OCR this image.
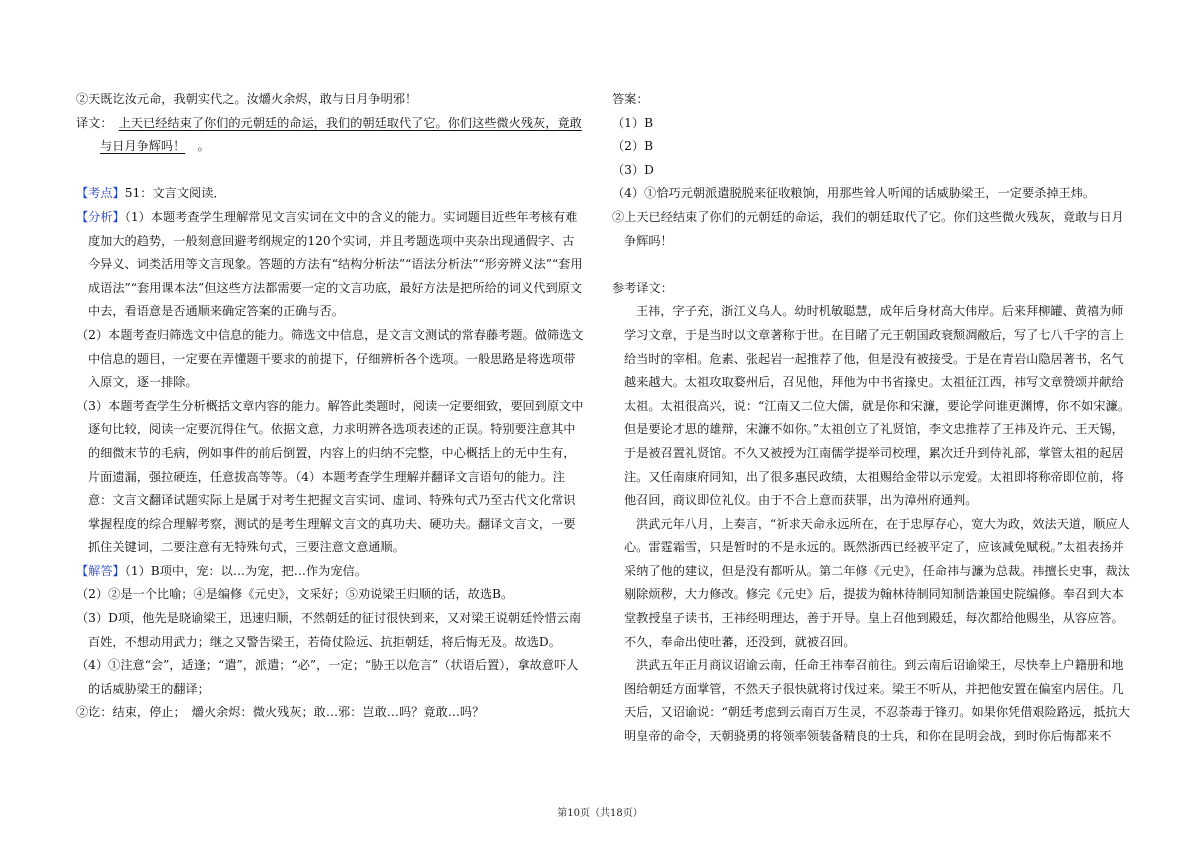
②天既讫汝元命，我朝实代之。汝爝火余烬，敢与日月争明邪！

译文：　 上天已经结束了你们的元朝廷的命运，我们的朝廷取代了它。你们这些微火残灰，竟敢与日月争辉吗！　 。

【考点】51：文言文阅读．

【分析】（1）本题考查学生理解常见文言实词在文中的含义的能力。实词题目近些年考核有难度加大的趋势，一般刻意回避考纲规定的120个实词，并且考题选项中夹杂出现通假字、古今异义、词类活用等文言现象。答题的方法有“结构分析法”“语法分析法”“形旁辨义法”“套用成语法”“套用课本法”但这些方法都需要一定的文言功底，最好方法是把所给的词义代到原文中去，看语意是否通顺来确定答案的正确与否。

（2）本题考查归筛选文中信息的能力。筛选文中信息，是文言文测试的常春藤考题。做筛选文中信息的题目，一定要在弄懂题干要求的前提下，仔细辨析各个选项。一般思路是将选项带入原文，逐一排除。

（3）本题考查学生分析概括文章内容的能力。解答此类题时，阅读一定要细致，要回到原文中逐句比较，阅读一定要沉得住气。依据文意，力求明辨各选项表述的正误。特别要注意其中的细微末节的毛病，例如事件的前后倒置，内容上的归纳不完整，中心概括上的无中生有，片面遗漏，强拉硬连，任意拔高等等。（4）本题考查学生理解并翻译文言语句的能力。注意：文言文翻译试题实际上是属于对考生把握文言实词、虚词、特殊句式乃至古代文化常识掌握程度的综合理解考察，测试的是考生理解文言文的真功夫、硬功夫。翻译文言文，一要抓住关键词，二要注意有无特殊句式，三要注意文意通顺。

【解答】（1）B项中，宠：以…为宠，把…作为宠信。

（2）②是一个比喻；④是编修《元史》，文采好；⑤劝说梁王归顺的话，故选B。

（3）D项，他先是晓谕梁王，迅速归顺，不然朝廷的征讨很快到来，又对梁王说朝廷怜惜云南百姓，不想动用武力；继之又警告梁王，若倚仗险远、抗拒朝廷，将后悔无及。故选D。

（4）①注意“会”，适逢；“遣”，派遣；“必”，一定；“胁王以危言”（状语后置），拿故意吓人的话威胁梁王的翻译；

②讫：结束，停止；　爝火余烬：微火残灰；敢…邪：岂敢…吗？竟敢…吗？

答案：

（1）B

（2）B

（3）D

（4）①恰巧元朝派遣脱脱来征收粮饷，用那些耸人听闻的话威胁梁王，一定要杀掉王炜。

②上天已经结束了你们的元朝廷的命运，我们的朝廷取代了它。你们这些微火残灰，竟敢与日月争辉吗！

参考译文：

王祎，字子充，浙江义乌人。幼时机敏聪慧，成年后身材高大伟岸。后来拜柳罐、黄禧为师学习文章，于是当时以文章著称于世。在目睹了元王朝国政衰颓凋敝后，写了七八千字的言上给当时的宰相。危素、张起岩一起推荐了他，但是没有被接受。于是在青岩山隐居著书，名气越来越大。太祖攻取婺州后，召见他，拜他为中书省掾史。太祖征江西，祎写文章赞颂并献给太祖。太祖很高兴，说：“江南又二位大儒，就是你和宋濂，要论学问谁更渊博，你不如宋濂。但是要论才思的雄辩，宋濂不如你。”太祖创立了礼贤馆，李文忠推荐了王祎及许元、王天锡，于是被召置礼贤馆。不久又被授为江南儒学提举司校理，累次迁升到侍礼部，掌管太祖的起居注。又任南康府同知，出了很多惠民政绩，太祖赐给金带以示宠爱。太祖即将称帝即位前，将他召回，商议即位礼仪。由于不合上意而获罪，出为漳州府通判。

洪武元年八月，上奏言，“祈求天命永远所在，在于忠厚存心，宽大为政，效法天道，顺应人心。雷霆霜雪，只是暂时的不是永远的。既然浙西已经被平定了，应该减免赋税。”太祖表扬并采纳了他的建议，但是没有都听从。第二年修《元史》，任命祎与濂为总裁。祎擅长史事，裁汰剔除烦秽，大力修改。修完《元史》后，提拔为翰林待制同知制诰兼国史院编修。奉召到大本堂教授皇子读书，王祎经明理达，善于开导。皇上召他到殿廷，每次都给他赐坐，从容应答。不久，奉命出使吐蕃，还没到，就被召回。

洪武五年正月商议诏谕云南，任命王祎奉召前往。到云南后诏谕梁王，尽快奉上户籍册和地图给朝廷方面掌管，不然天子很快就将讨伐过来。梁王不听从，并把他安置在偏室内居住。几天后，又诏谕说：“朝廷考虑到云南百万生灵，不忍荼毒于锋刃。如果你凭借艰险路远，抵抗大明皇帝的命令，天朝骁勇的将领率领装备精良的士兵，和你在昆明会战，到时你后悔都来不

第10页（共18页）
